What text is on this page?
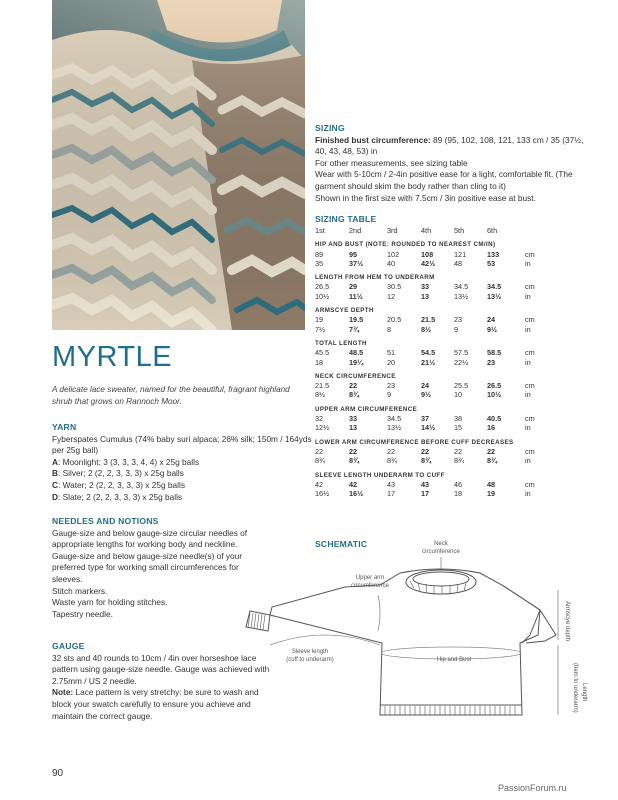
MYRTLE
A delicate lace sweater, named for the beautiful, fragrant highland shrub that grows on Rannoch Moor.
YARN

Fyberspates Cumulus (74% baby suri alpaca; 26% silk; 150m / 164yds per 25g ball)

A: Moonlight; 3 (3, 3, 3, 4, 4) x 25g balls

B: Silver; 2 (2, 2, 3, 3, 3) x 25g balls

C: Water; 2 (2, 2, 3, 3, 3) x 25g balls

D: Slate; 2 (2, 2, 3, 3, 3) x 25g balls

NEEDLES AND NOTIONS

Gauge-size and below gauge-size circular needles of appropriate lengths for working body and neckline.

Gauge-size and below gauge-size needle(s) of your preferred type for working small circumferences for sleeves.

Stitch markers.

Waste yarn for holding stitches.

Tapestry needle.

GAUGE

32 sts and 40 rounds to 10cm / 4in over horseshoe lace pattern using gauge-size needle. Gauge was achieved with 2.75mm / US 2 needle.

Note: Lace pattern is very stretchy: be sure to wash and block your swatch carefully to ensure you achieve and maintain the correct gauge.

SIZING

Finished bust circumference: 89 (95, 102, 108, 121, 133 cm / 35 (37½, 40, 43, 48, 53) in

For other measurements, see sizing table

Wear with 5-10cm / 2-4in positive ease for a light, comfortable fit. (The garment should skim the body rather than cling to it)

Shown in the first size with 7.5cm / 3in positive ease at bust.

SIZING TABLE
1st	2nd	3rd	4th	5th	6th	
HIP AND BUST (NOTE: ROUNDED TO NEAREST CM/IN)						
89	95	102	108	121	133	cm
35	37½	40	42½	48	53	in
LENGTH FROM HEM TO UNDERARM						
26.5	29	30.5	33	34.5	34.5	cm
10½	11½	12	13	13½	13½	in
ARMSCYE DEPTH						
19	19.5	20.5	21.5	23	24	cm
7½	7¾	8	8½	9	9½	in
TOTAL LENGTH						
45.5	48.5	51	54.5	57.5	58.5	cm
18	19¼	20	21½	22½	23	in
NECK CIRCUMFERENCE						
21.5	22	23	24	25.5	26.5	cm
8½	8¾	9	9½	10	10½	in
UPPER ARM CIRCUMFERENCE						
32	33	34.5	37	38	40.5	cm
12½	13	13½	14½	15	16	in
LOWER ARM CIRCUMFERENCE BEFORE CUFF DECREASES						
22	22	22	22	22	22	cm
8¾	8¾	8¾	8¾	8¾	8¾	in
SLEEVE LENGTH UNDERARM TO CUFF						
42	42	43	43	46	48	cm
16½	16½	17	17	18	19	in
SCHEMATIC	Neck
circumference
Upper arm
circumference
Sleeve length
(cuff to underarm)	Hip and Bust
Armscye depth
Length
(hem to underarm)
90
PassionForum.ru
